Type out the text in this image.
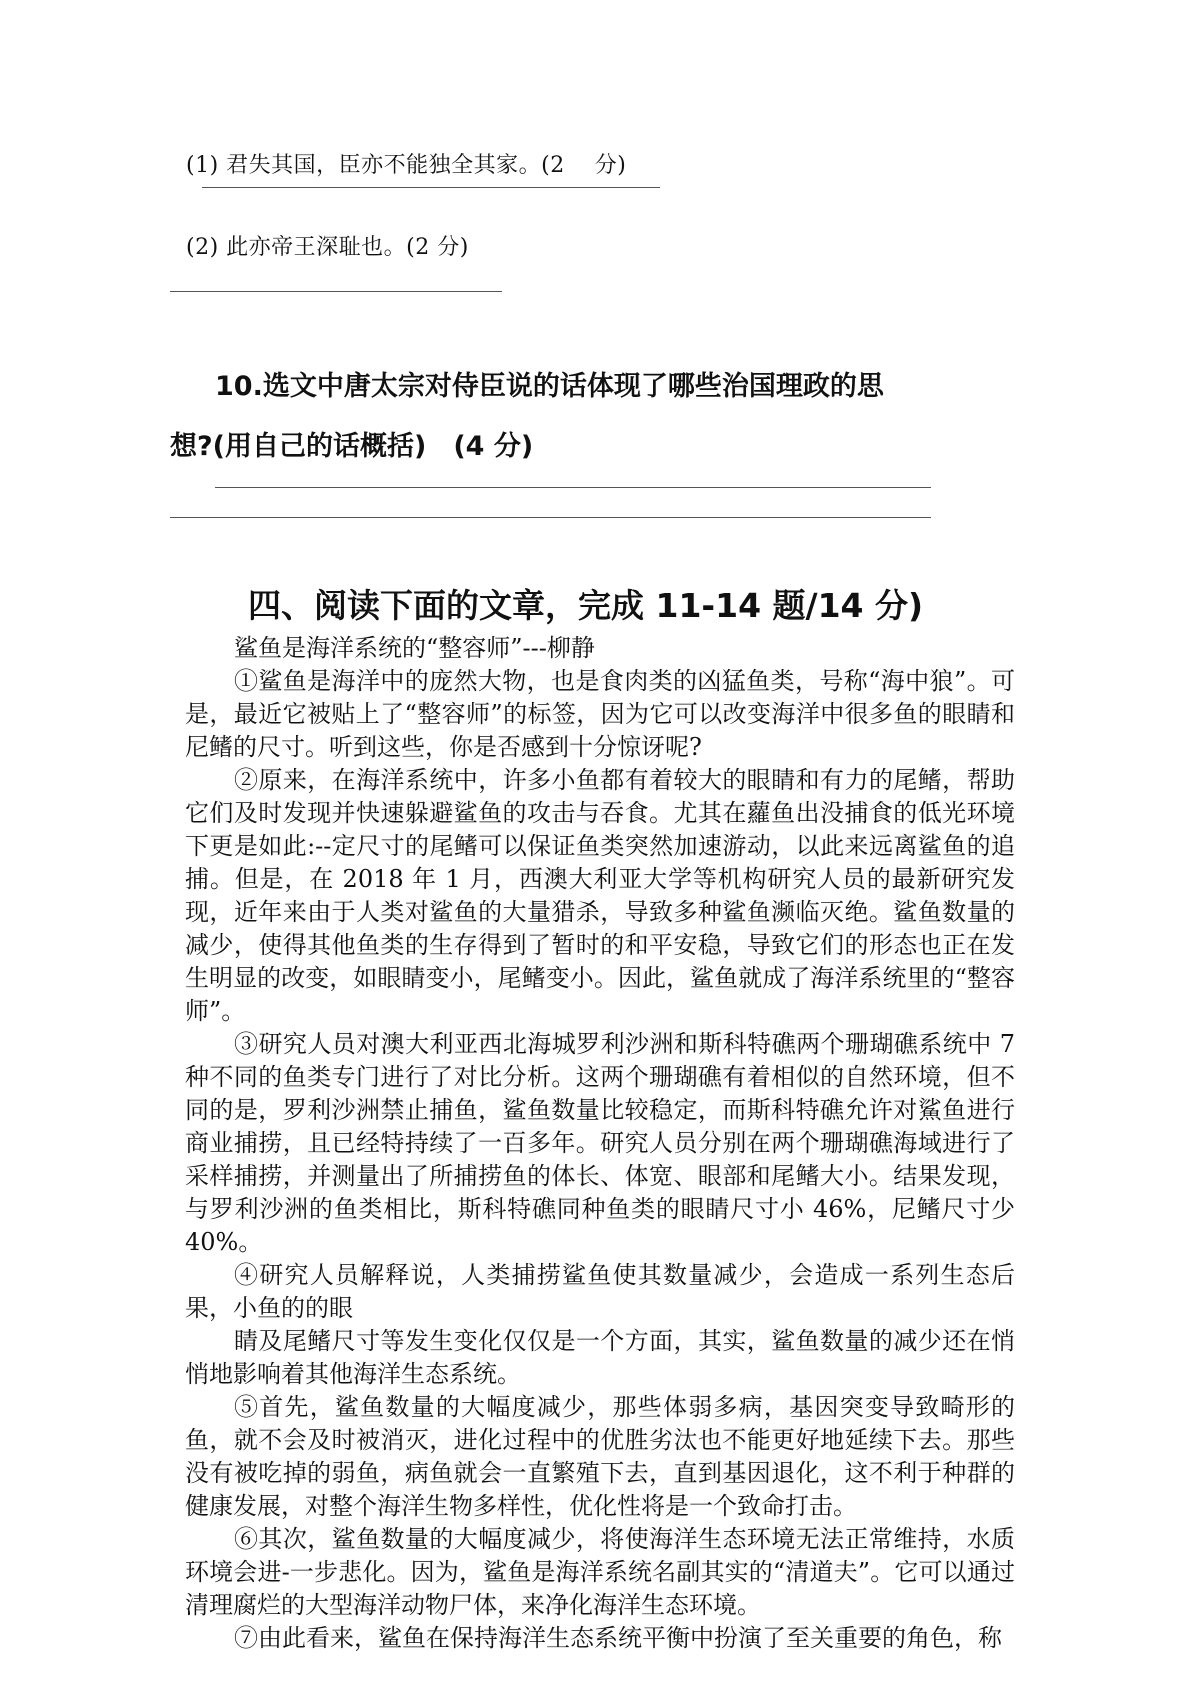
(1) 君失其国，臣亦不能独全其家。(2　 分)
(2) 此亦帝王深耻也。(2 分)
10.选文中唐太宗对侍臣说的话体现了哪些治国理政的思
想?(用自己的话概括)　(4 分)
四、阅读下面的文章，完成 11-14 题/14 分)

鲨鱼是海洋系统的“整容师”---柳静

①鲨鱼是海洋中的庞然大物，也是食肉类的凶猛鱼类，号称“海中狼”。可是，最近它被贴上了“整容师”的标签，因为它可以改变海洋中很多鱼的眼睛和尼鳍的尺寸。听到这些，你是否感到十分惊讶呢?

②原来，在海洋系统中，许多小鱼都有着较大的眼睛和有力的尾鳍，帮助它们及时发现并快速躲避鲨鱼的攻击与吞食。尤其在蘿鱼出没捕食的低光环境下更是如此:--定尺寸的尾鳍可以保证鱼类突然加速游动，以此来远离鲨鱼的追捕。但是，在 2018 年 1 月，西澳大利亚大学等机构研究人员的最新研究发现，近年来由于人类对鲨鱼的大量猎杀，导致多种鲨鱼濒临灭绝。鲨鱼数量的减少，使得其他鱼类的生存得到了暂时的和平安稳，导致它们的形态也正在发生明显的改变，如眼睛变小，尾鳍变小。因此，鲨鱼就成了海洋系统里的“整容师”。

③研究人员对澳大利亚西北海城罗利沙洲和斯科特礁两个珊瑚礁系统中 7 种不同的鱼类专门进行了对比分析。这两个珊瑚礁有着相似的自然环境，但不同的是，罗利沙洲禁止捕鱼，鲨鱼数量比较稳定，而斯科特礁允许对鯊鱼进行商业捕捞，且已经特持续了一百多年。研究人员分别在两个珊瑚礁海域进行了采样捕捞，并测量出了所捕捞鱼的体长、体宽、眼部和尾鳍大小。结果发现，与罗利沙洲的鱼类相比，斯科特礁同种鱼类的眼睛尺寸小 46%，尼鳍尺寸少 40%。

④研究人员解释说，人类捕捞鲨鱼使其数量减少，会造成一系列生态后果，小鱼的的眼

睛及尾鳍尺寸等发生变化仅仅是一个方面，其实，鲨鱼数量的减少还在悄悄地影响着其他海洋生态系统。

⑤首先，鲨鱼数量的大幅度减少，那些体弱多病，基因突变导致畸形的鱼，就不会及时被消灭，进化过程中的优胜劣汰也不能更好地延续下去。那些没有被吃掉的弱鱼，病鱼就会一直繁殖下去，直到基因退化，这不利于种群的健康发展，对整个海洋生物多样性，优化性将是一个致命打击。

⑥其次，鲨鱼数量的大幅度减少，将使海洋生态环境无法正常维持，水质环境会进-一步悲化。因为，鲨鱼是海洋系统名副其实的“清道夫”。它可以通过清理腐烂的大型海洋动物尸体，来净化海洋生态环境。

⑦由此看来，鲨鱼在保持海洋生态系统平衡中扮演了至关重要的角色，称
